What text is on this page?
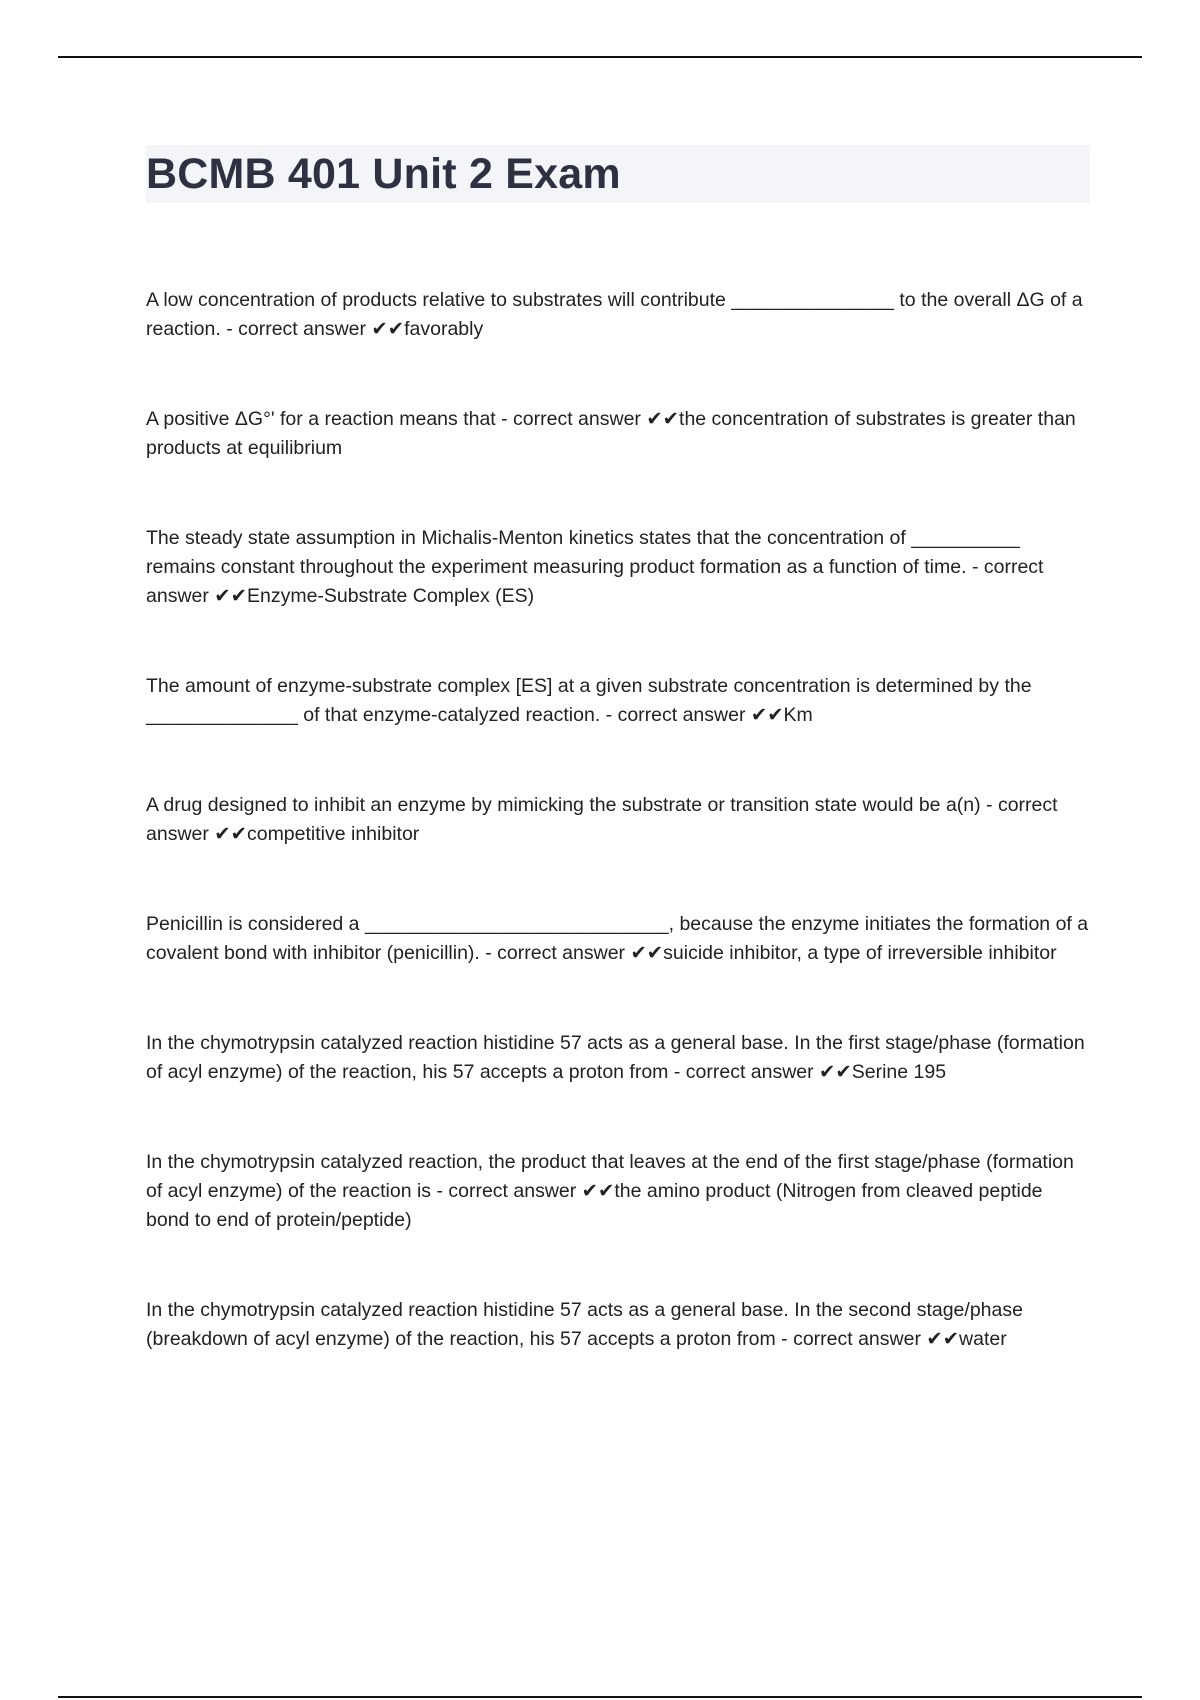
BCMB 401 Unit 2 Exam

A low concentration of products relative to substrates will contribute _______________ to the overall ΔG of a reaction. - correct answer ✔✔favorably

A positive ΔG°' for a reaction means that - correct answer ✔✔the concentration of substrates is greater than products at equilibrium

The steady state assumption in Michalis-Menton kinetics states that the concentration of __________ remains constant throughout the experiment measuring product formation as a function of time. - correct answer ✔✔Enzyme-Substrate Complex (ES)

The amount of enzyme-substrate complex [ES] at a given substrate concentration is determined by the ______________ of that enzyme-catalyzed reaction. - correct answer ✔✔Km

A drug designed to inhibit an enzyme by mimicking the substrate or transition state would be a(n) - correct answer ✔✔competitive inhibitor

Penicillin is considered a ____________________________, because the enzyme initiates the formation of a covalent bond with inhibitor (penicillin). - correct answer ✔✔suicide inhibitor, a type of irreversible inhibitor

In the chymotrypsin catalyzed reaction histidine 57 acts as a general base. In the first stage/phase (formation of acyl enzyme) of the reaction, his 57 accepts a proton from - correct answer ✔✔Serine 195

In the chymotrypsin catalyzed reaction, the product that leaves at the end of the first stage/phase (formation of acyl enzyme) of the reaction is - correct answer ✔✔the amino product (Nitrogen from cleaved peptide bond to end of protein/peptide)

In the chymotrypsin catalyzed reaction histidine 57 acts as a general base. In the second stage/phase (breakdown of acyl enzyme) of the reaction, his 57 accepts a proton from - correct answer ✔✔water
